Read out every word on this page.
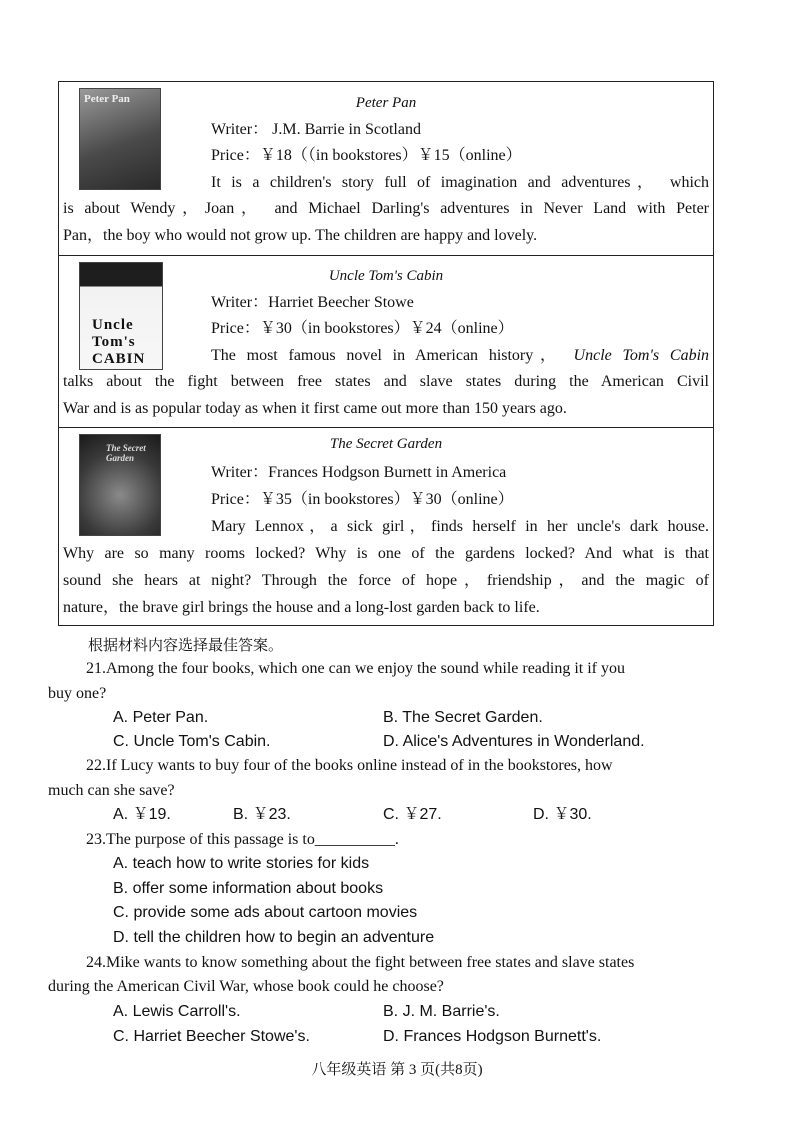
Peter Pan	Peter Pan
Writer： J.M. Barrie in Scotland
Price：￥18（（in bookstores）￥15（online）
It is a children's story full of imagination and adventures， which
is about Wendy，Joan， and Michael Darling's adventures in Never Land with Peter
Pan，the boy who would not grow up. The children are happy and lovely.
Uncle Tom's CABIN
Uncle Tom's Cabin
Writer：Harriet Beecher Stowe
Price：￥30（in bookstores）￥24（online）
The most famous novel in American history， Uncle Tom's Cabin
talks about the fight between free states and slave states during the American Civil
War and is as popular today as when it first came out more than 150 years ago.
The Secret Garden
The Secret Garden
Writer：Frances Hodgson Burnett in America
Price：￥35（in bookstores）￥30（online）
Mary Lennox，a sick girl，finds herself in her uncle's dark house.
Why are so many rooms locked? Why is one of the gardens locked? And what is that
sound she hears at night? Through the force of hope，friendship，and the magic of
nature，the brave girl brings the house and a long-lost garden back to life.
根据材料内容选择最佳答案。
21.Among the four books, which one can we enjoy the sound while reading it if you
buy one?
A. Peter Pan.	B. The Secret Garden.
C. Uncle Tom's Cabin.	D. Alice's Adventures in Wonderland.
22.If Lucy wants to buy four of the books online instead of in the bookstores, how
much can she save?
A. ￥19.	B. ￥23.	C. ￥27.	D. ￥30.
23.The purpose of this passage is to__________.
A. teach how to write stories for kids
B. offer some information about books
C. provide some ads about cartoon movies
D. tell the children how to begin an adventure
24.Mike wants to know something about the fight between free states and slave states
during the American Civil War, whose book could he choose?
A. Lewis Carroll's.	B. J. M. Barrie's.
C. Harriet Beecher Stowe's.	D. Frances Hodgson Burnett's.
八年级英语 第 3 页(共8页)
